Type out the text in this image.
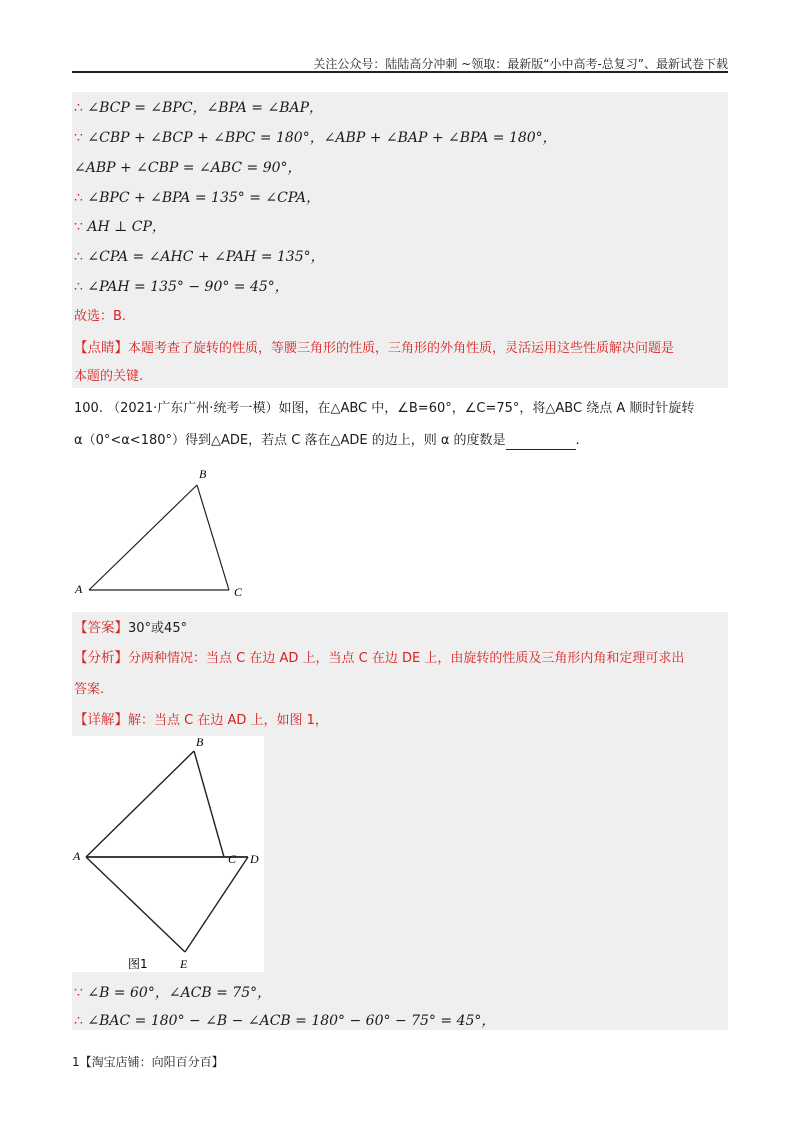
关注公众号：陆陆高分冲刺 ~领取：最新版“小中高考-总复习”、最新试卷下载
∴ ∠BCP = ∠BPC，∠BPA = ∠BAP，
∵ ∠CBP + ∠BCP + ∠BPC = 180°，∠ABP + ∠BAP + ∠BPA = 180°，
∠ABP + ∠CBP = ∠ABC = 90°，
∴ ∠BPC + ∠BPA = 135° = ∠CPA，
∵ AH ⊥ CP，
∴ ∠CPA = ∠AHC + ∠PAH = 135°，
∴ ∠PAH = 135° − 90° = 45°，
故选：B.
【点睛】本题考查了旋转的性质，等腰三角形的性质，三角形的外角性质，灵活运用这些性质解决问题是
本题的关键.
100. （2021·广东广州·统考一模）如图，在△ABC 中，∠B=60°，∠C=75°，将△ABC 绕点 A 顺时针旋转
α（0°<α<180°）得到△ADE，若点 C 落在△ADE 的边上，则 α 的度数是	.
A
B
C
【答案】30°或45°
【分析】分两种情况：当点 C 在边 AD 上，当点 C 在边 DE 上，由旋转的性质及三角形内角和定理可求出
答案.
【详解】解：当点 C 在边 AD 上，如图 1，
A
B
C D
E
图1
∵ ∠B = 60°，∠ACB = 75°，
∴ ∠BAC = 180° − ∠B − ∠ACB = 180° − 60° − 75° = 45°，
1【淘宝店铺：向阳百分百】
